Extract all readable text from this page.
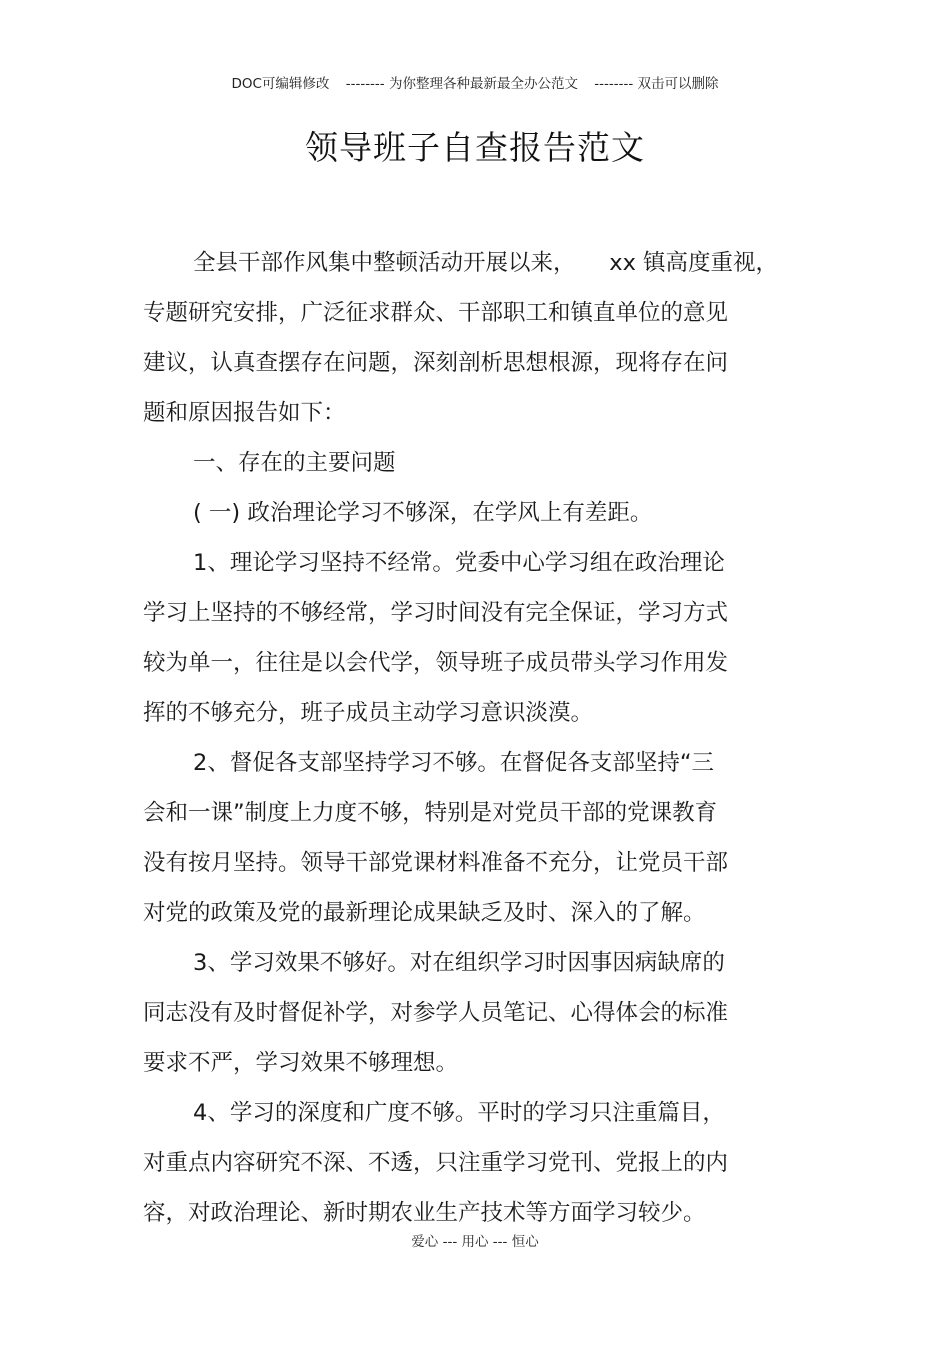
DOC可编辑修改 -------- 为你整理各种最新最全办公范文 -------- 双击可以删除
领导班子自查报告范文

全县干部作风集中整顿活动开展以来，　　xx 镇高度重视，
专题研究安排，广泛征求群众、干部职工和镇直单位的意见
建议，认真查摆存在问题，深刻剖析思想根源，现将存在问
题和原因报告如下：

一、存在的主要问题

( 一) 政治理论学习不够深，在学风上有差距。

1、理论学习坚持不经常。党委中心学习组在政治理论
学习上坚持的不够经常，学习时间没有完全保证，学习方式
较为单一，往往是以会代学，领导班子成员带头学习作用发
挥的不够充分，班子成员主动学习意识淡漠。

2、督促各支部坚持学习不够。在督促各支部坚持“三
会和一课”制度上力度不够，特别是对党员干部的党课教育
没有按月坚持。领导干部党课材料准备不充分，让党员干部
对党的政策及党的最新理论成果缺乏及时、深入的了解。

3、学习效果不够好。对在组织学习时因事因病缺席的
同志没有及时督促补学，对参学人员笔记、心得体会的标准
要求不严，学习效果不够理想。

4、学习的深度和广度不够。平时的学习只注重篇目，
对重点内容研究不深、不透，只注重学习党刊、党报上的内
容，对政治理论、新时期农业生产技术等方面学习较少。

爱心 --- 用心 --- 恒心
